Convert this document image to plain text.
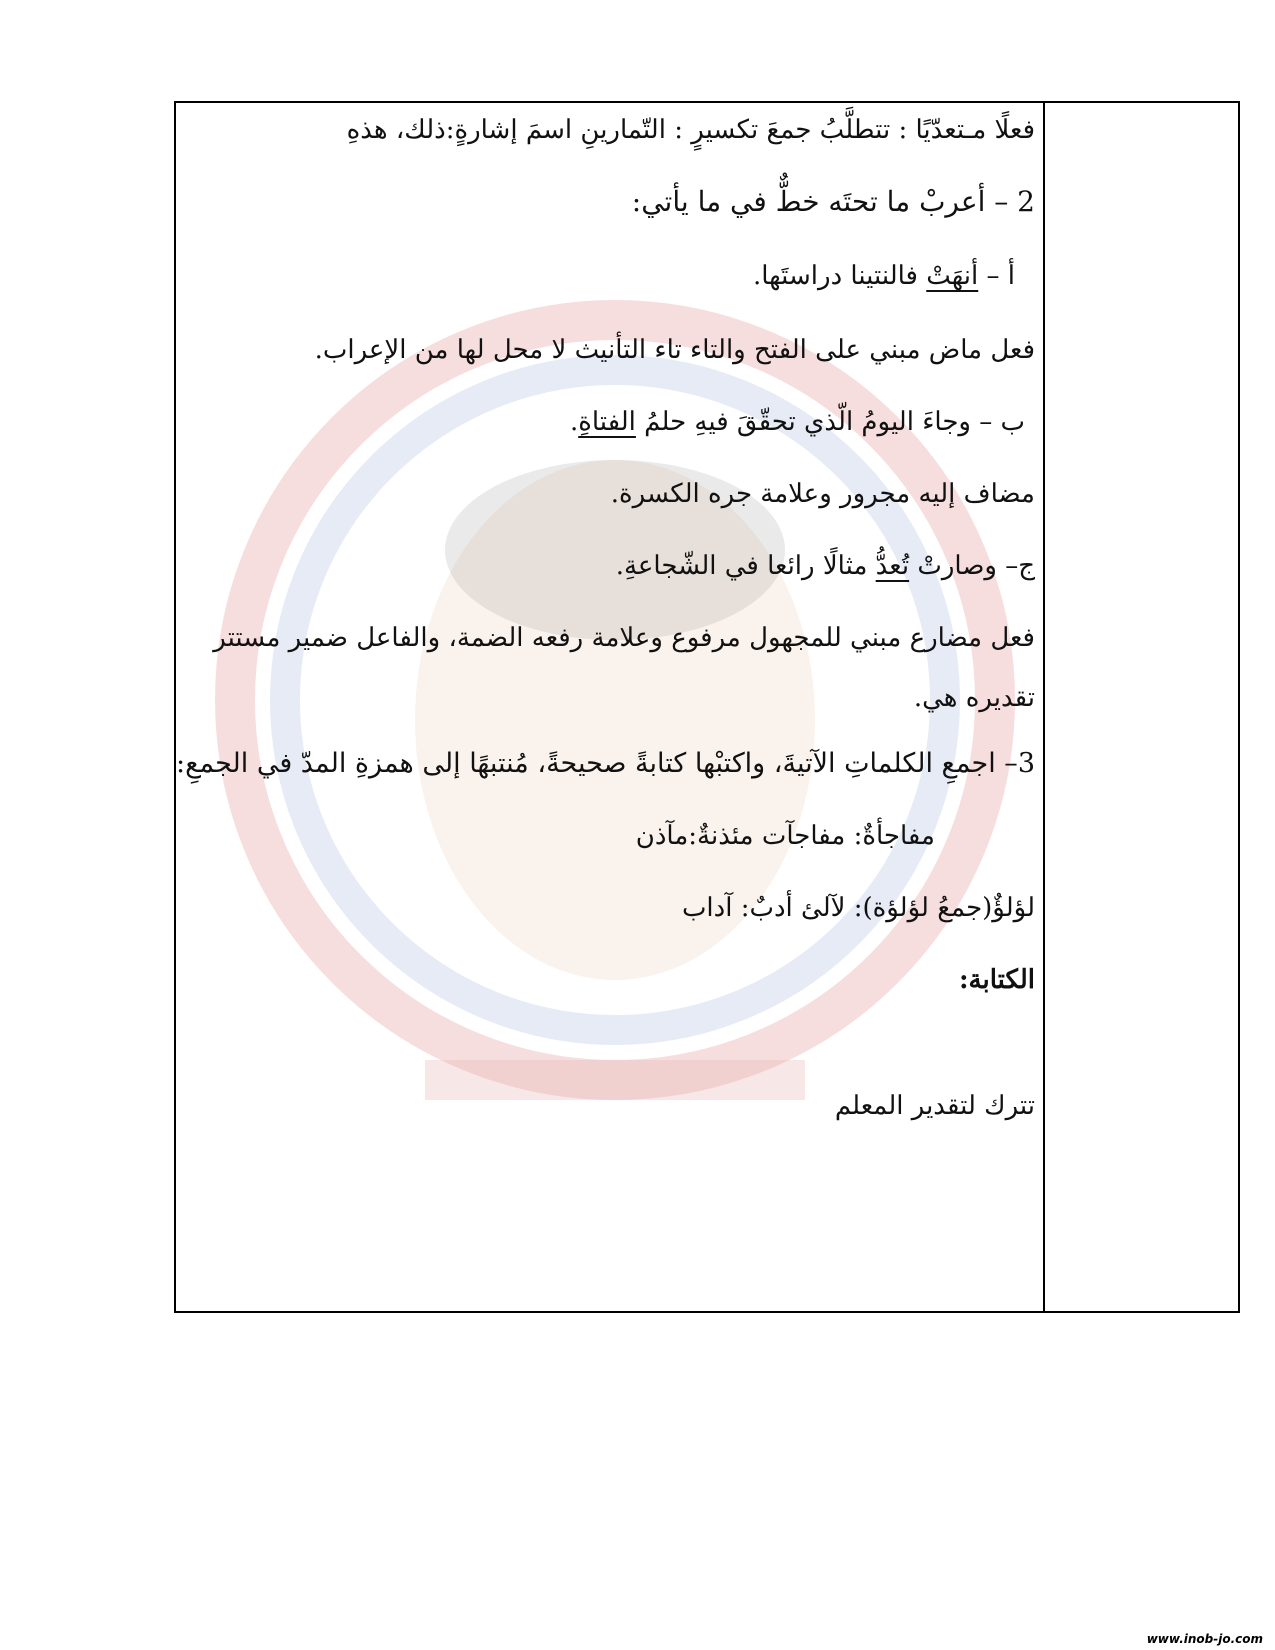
فعلًا مـتعدّيًا : تتطلَّبُ جمعَ تكسيرٍ : التّمارينِ اسمَ إشارةٍ:ذلك، هذهِ
2 – أعربْ ما تحتَه خطٌّ في ما يأتي:
أ – أنهَتْ فالنتينا دراستَها.
فعل ماض مبني على الفتح والتاء تاء التأنيث لا محل لها من الإعراب.
ب – وجاءَ اليومُ الّذي تحقّقَ فيهِ حلمُ الفتاةِ.
مضاف إليه مجرور وعلامة جره الكسرة.
ج– وصارتْ تُعدُّ مثالًا رائعا في الشّجاعةِ.
فعل مضارع مبني للمجهول مرفوع وعلامة رفعه الضمة، والفاعل ضمير مستتر
تقديره هي.
3– اجمعِ الكلماتِ الآتيةَ، واكتبْها كتابةً صحيحةً، مُنتبهًا إلى همزةِ المدّ في الجمعِ:
مفاجأةٌ: مفاجآت مئذنةٌ:مآذن
لؤلؤٌ(جمعُ لؤلؤة): لآلئ أدبٌ: آداب
الكتابة:
تترك لتقدير المعلم
www.inob-jo.com
